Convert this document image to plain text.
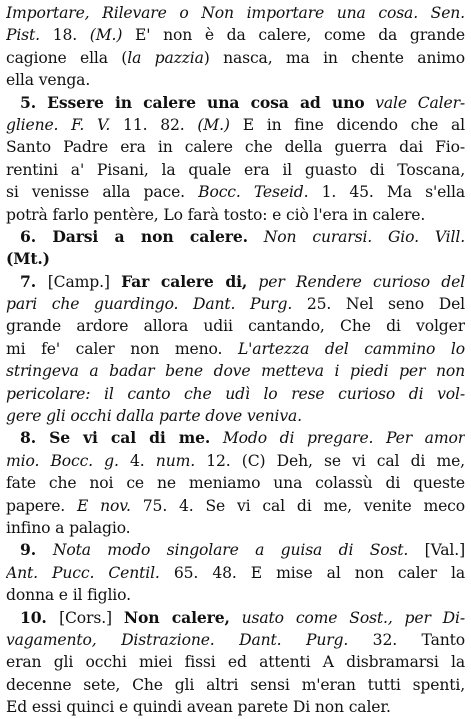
Importare, Rilevare o Non importare una cosa. Sen.
Pist. 18. (M.) E' non è da calere, come da grande
cagione ella (la pazzia) nasca, ma in chente animo
ella venga.
5. Essere in calere una cosa ad uno vale Caler-
gliene. F. V. 11. 82. (M.) E in fine dicendo che al
Santo Padre era in calere che della guerra dai Fio-
rentini a' Pisani, la quale era il guasto di Toscana,
si venisse alla pace. Bocc. Teseid. 1. 45. Ma s'ella
potrà farlo pentère, Lo farà tosto: e ciò l'era in calere.
6. Darsi a non calere. Non curarsi. Gio. Vill.
(Mt.)
7. [Camp.] Far calere di, per Rendere curioso del
pari che guardingo. Dant. Purg. 25. Nel seno Del
grande ardore allora udii cantando, Che di volger
mi fe' caler non meno. L'artezza del cammino lo
stringeva a badar bene dove metteva i piedi per non
pericolare: il canto che udì lo rese curioso di vol-
gere gli occhi dalla parte dove veniva.
8. Se vi cal di me. Modo di pregare. Per amor
mio. Bocc. g. 4. num. 12. (C) Deh, se vi cal di me,
fate che noi ce ne meniamo una colassù di queste
papere. E nov. 75. 4. Se vi cal di me, venite meco
infino a palagio.
9. Nota modo singolare a guisa di Sost. [Val.]
Ant. Pucc. Centil. 65. 48. E mise al non caler la
donna e il figlio.
10. [Cors.] Non calere, usato come Sost., per Di-
vagamento, Distrazione. Dant. Purg. 32. Tanto
eran gli occhi miei fissi ed attenti A disbramarsi la
decenne sete, Che gli altri sensi m'eran tutti spenti,
Ed essi quinci e quindi avean parete Di non caler.
